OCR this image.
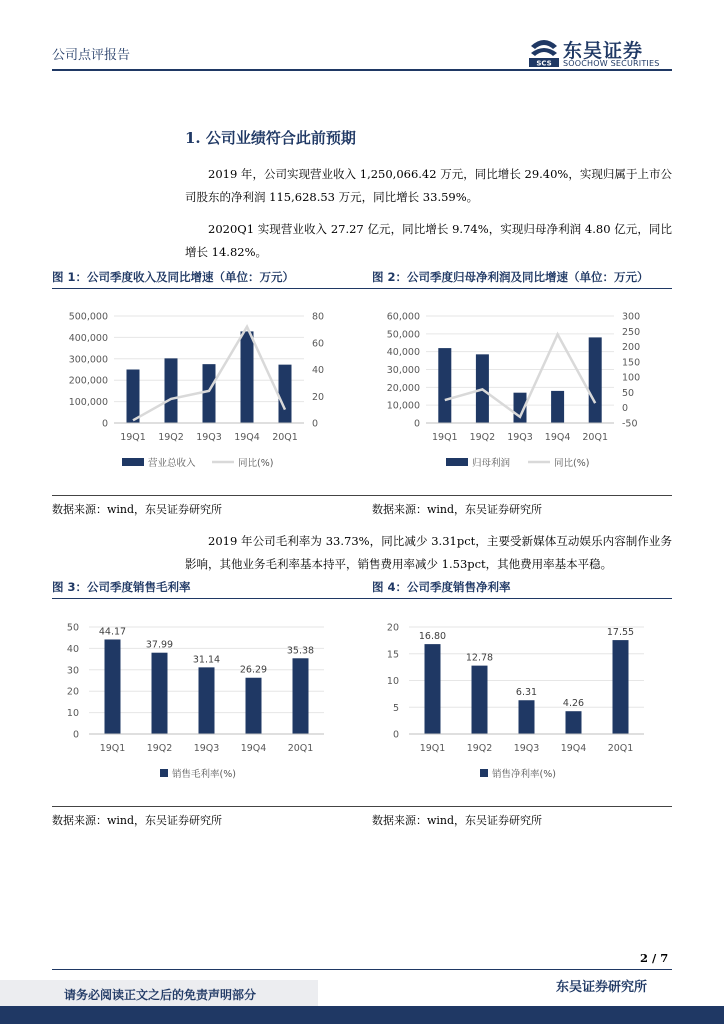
公司点评报告
SCS
东吴证券
SOOCHOW SECURITIES
1. 公司业绩符合此前预期
2019 年，公司实现营业收入 1,250,066.42 万元，同比增长 29.40%，实现归属于上市公司股东的净利润 115,628.53 万元，同比增长 33.59%。
2020Q1 实现营业收入 27.27 亿元，同比增长 9.74%，实现归母净利润 4.80 亿元，同比增长 14.82%。
图 1：公司季度收入及同比增速（单位：万元）	图 2：公司季度归母净利润及同比增速（单位：万元）
0
100,000
200,000
300,000
400,000
500,000
0
20
40
60
80
19Q1 19Q2 19Q3 19Q4 20Q1
营业总收入	同比(%)
0
10,000
20,000
30,000
40,000
50,000
60,000
-50
0
50
100
150
200
250
300
19Q1 19Q2 19Q3 19Q4 20Q1
归母利润	同比(%)
数据来源：wind，东吴证券研究所	数据来源：wind，东吴证券研究所
2019 年公司毛利率为 33.73%，同比减少 3.31pct，主要受新媒体互动娱乐内容制作业务影响，其他业务毛利率基本持平，销售费用率减少 1.53pct，其他费用率基本平稳。
图 3：公司季度销售毛利率	图 4：公司季度销售净利率
0
10
20
30
40
50 44.17
37.99
31.14
26.29
35.38
19Q1 19Q2 19Q3 19Q4 20Q1
销售毛利率(%)
0
5
10
15
20
16.80
12.78
6.31
4.26
17.55
19Q1 19Q2 19Q3 19Q4 20Q1
销售净利率(%)
数据来源：wind，东吴证券研究所	数据来源：wind，东吴证券研究所
2 / 7
东吴证券研究所
请务必阅读正文之后的免责声明部分
